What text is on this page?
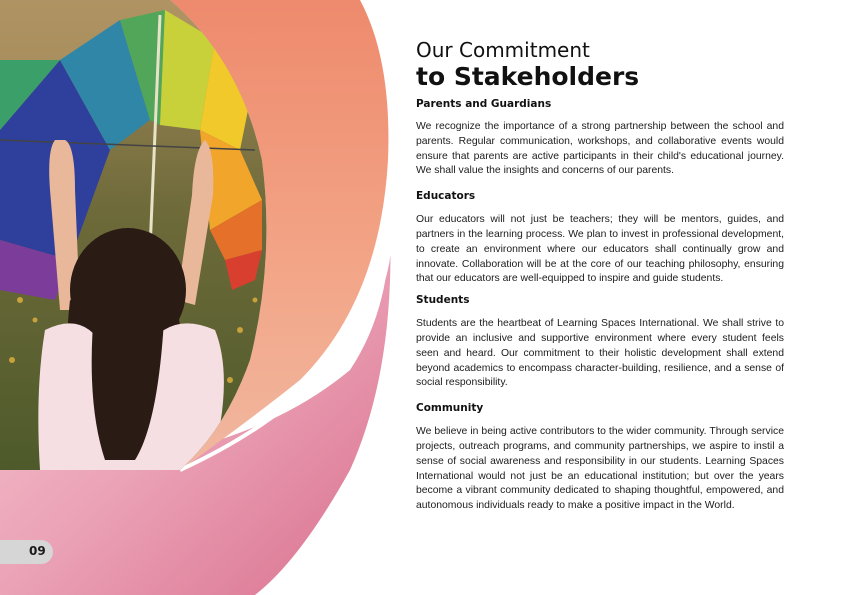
09
Our Commitment
to Stakeholders
Parents and Guardians

We recognize the importance of a strong partnership between the school and parents. Regular communication, workshops, and collaborative events would ensure that parents are active participants in their child's educational journey. We shall value the insights and concerns of our parents.

Educators

Our educators will not just be teachers; they will be mentors, guides, and partners in the learning process. We plan to invest in professional development, to create an environment where our educators shall continually grow and innovate. Collaboration will be at the core of our teaching philosophy, ensuring that our educators are well-equipped to inspire and guide students.

Students

Students are the heartbeat of Learning Spaces International. We shall strive to provide an inclusive and supportive environment where every student feels seen and heard. Our commitment to their holistic development shall extend beyond academics to encompass character-building, resilience, and a sense of social responsibility.

Community

We believe in being active contributors to the wider community. Through service projects, outreach programs, and community partnerships, we aspire to instil a sense of social awareness and responsibility in our students. Learning Spaces International would not just be an educational institution; but over the years become a vibrant community dedicated to shaping thoughtful, empowered, and autonomous individuals ready to make a positive impact in the World.
